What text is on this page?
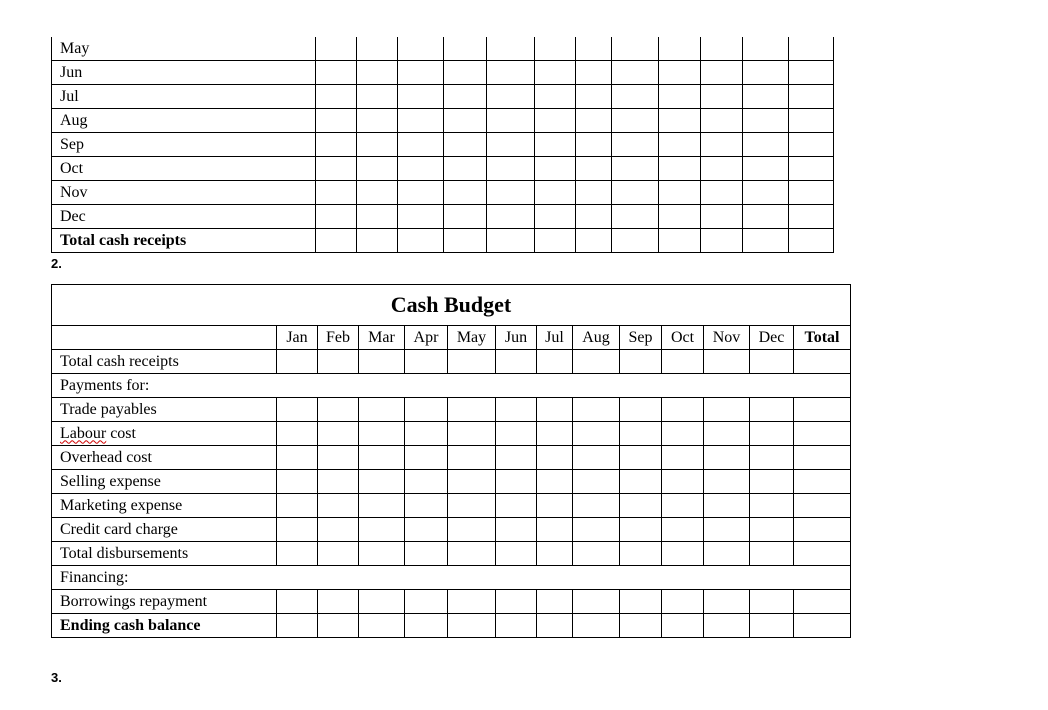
May												
Jun												
Jul												
Aug												
Sep												
Oct												
Nov												
Dec												
Total cash receipts												
2.
Cash Budget													
	Jan	Feb	Mar	Apr	May	Jun	Jul	Aug	Sep	Oct	Nov	Dec	Total
Total cash receipts													
Payments for:													
Trade payables													
Labour cost													
Overhead cost													
Selling expense													
Marketing expense													
Credit card charge													
Total disbursements													
Financing:													
Borrowings repayment													
Ending cash balance													
3.
